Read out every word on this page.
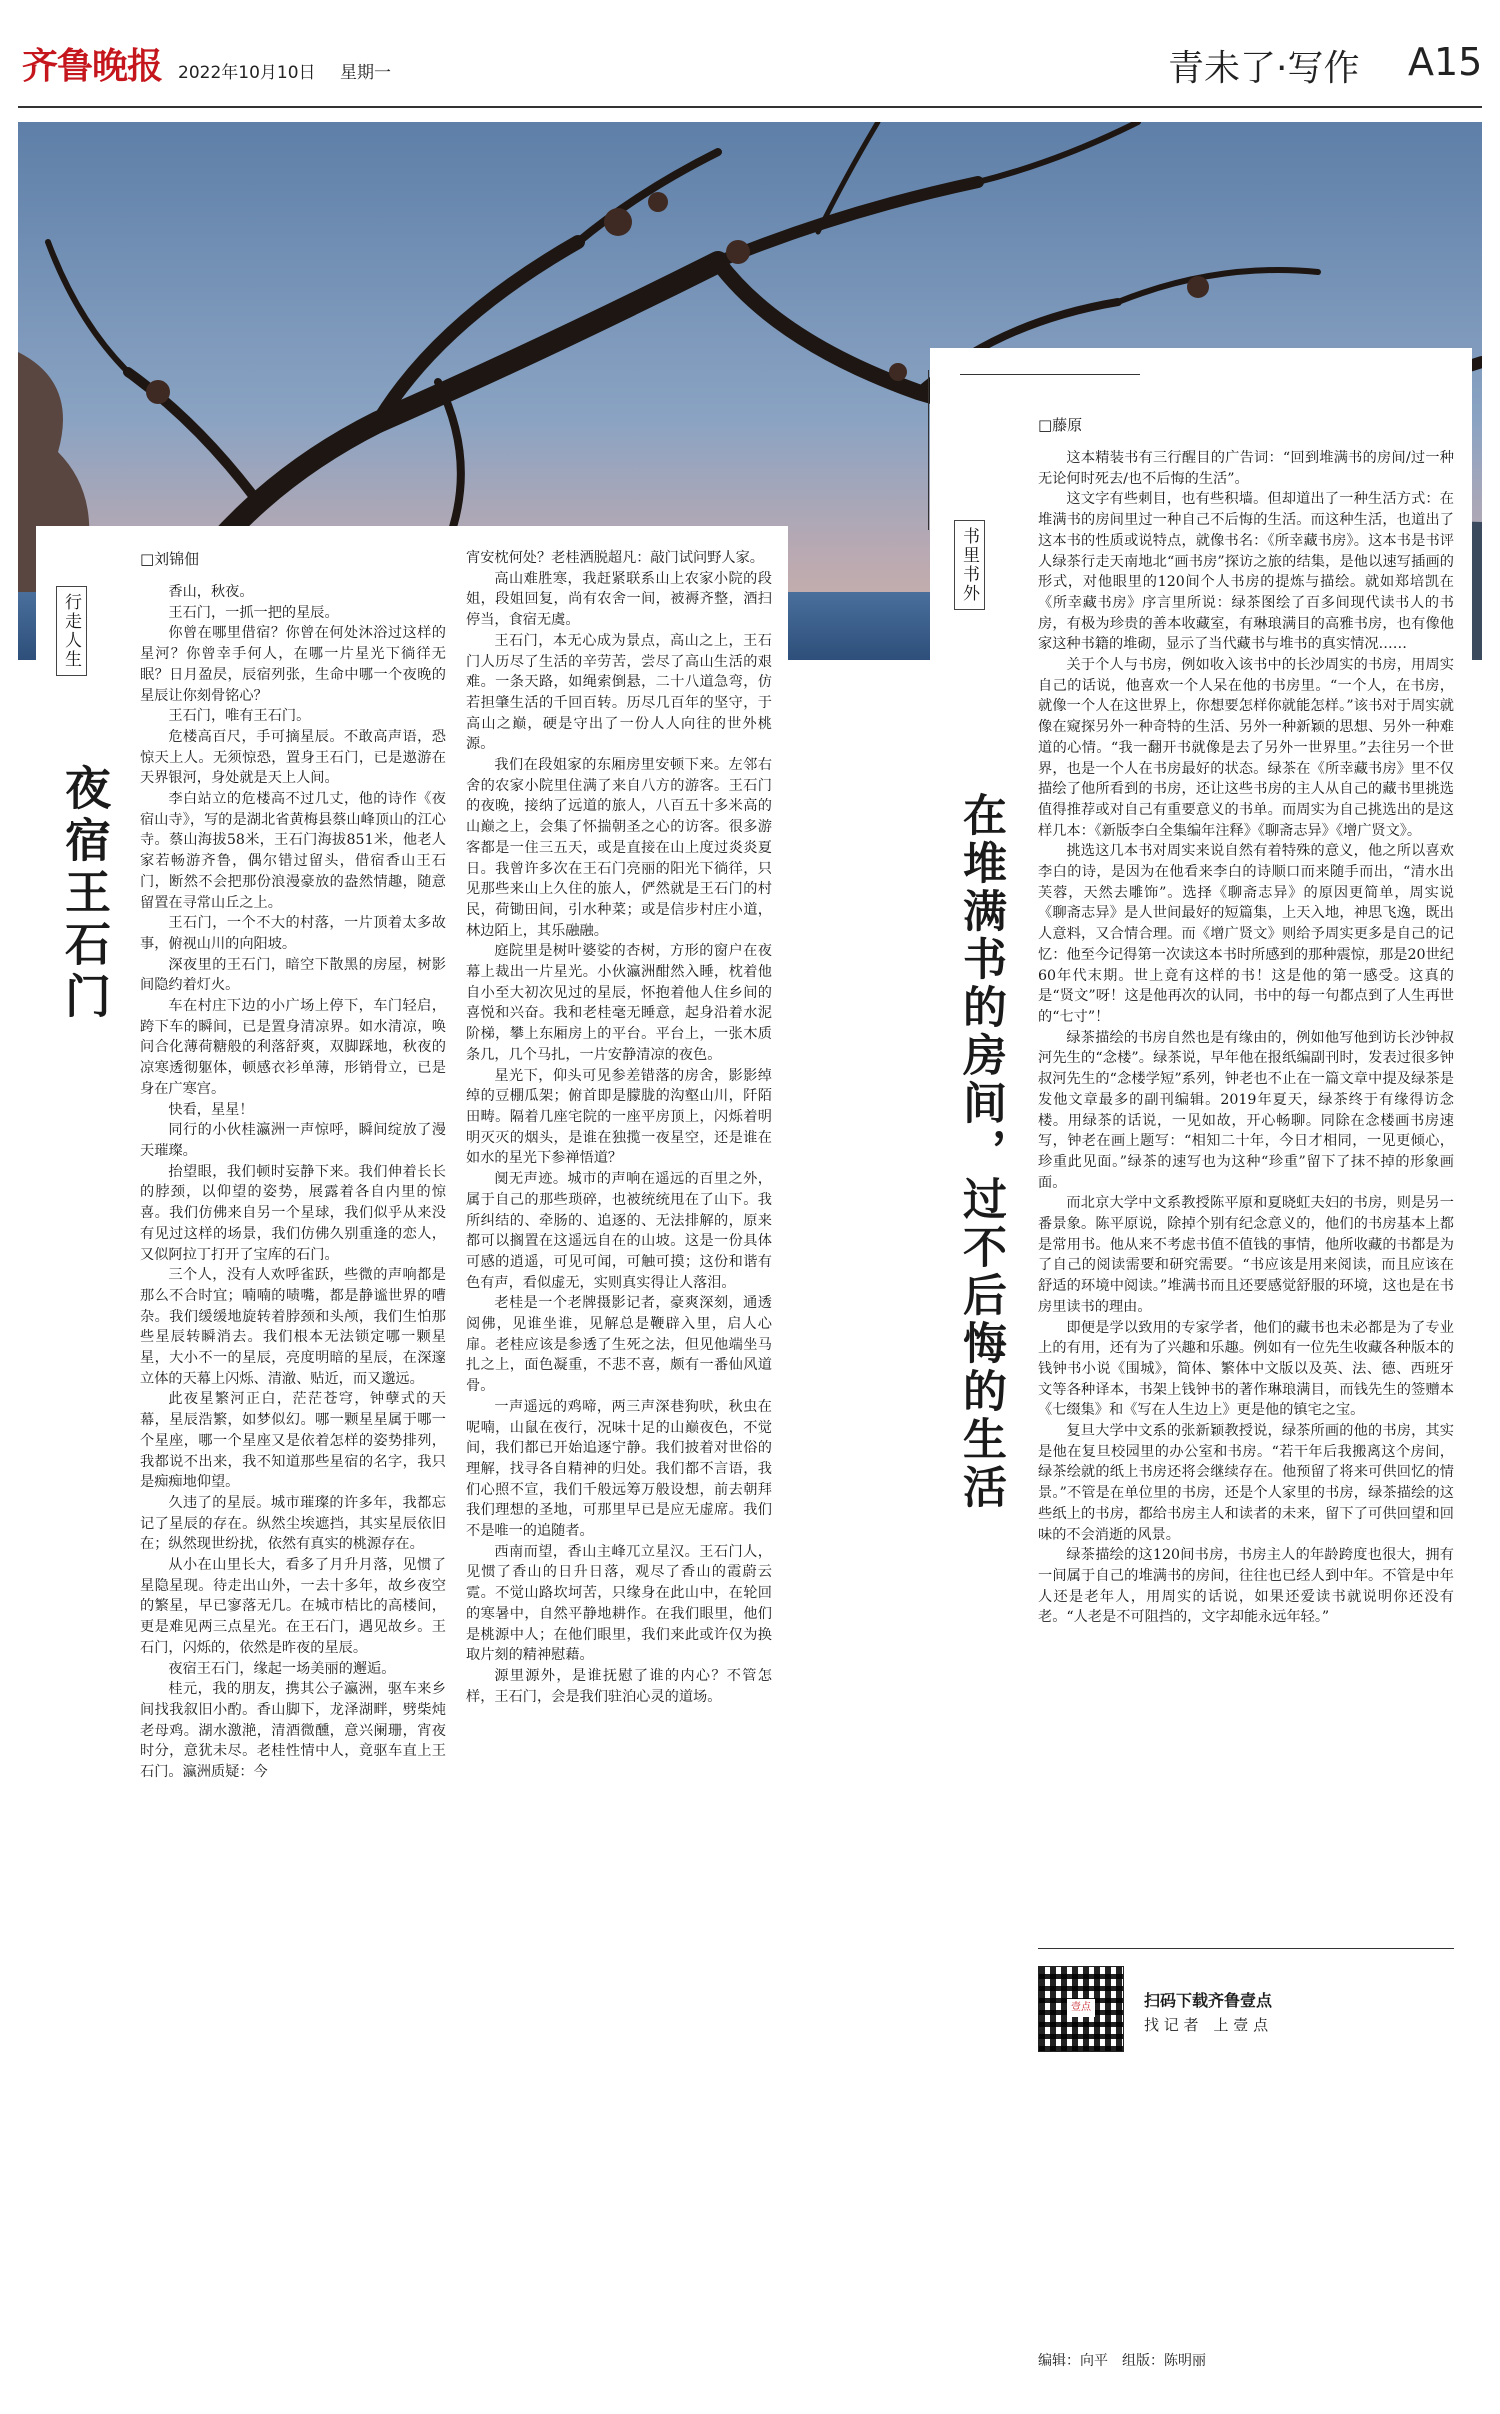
齐鲁晚报 2022年10月10日 星期一	青未了·写作 A15
行走人生
夜宿王石门
□刘锦佃

香山，秋夜。

王石门，一抓一把的星辰。

你曾在哪里借宿？你曾在何处沐浴过这样的星河？你曾幸手何人，在哪一片星光下徜徉无眠？日月盈昃，辰宿列张，生命中哪一个夜晚的星辰让你刻骨铭心？

王石门，唯有王石门。

危楼高百尺，手可摘星辰。不敢高声语，恐惊天上人。无须惊恐，置身王石门，已是遨游在天界银河，身处就是天上人间。

李白站立的危楼高不过几丈，他的诗作《夜宿山寺》，写的是湖北省黄梅县蔡山峰顶山的江心寺。蔡山海拔58米，王石门海拔851米，他老人家若畅游齐鲁，偶尔错过留头，借宿香山王石门，断然不会把那份浪漫豪放的盎然情趣，随意留置在寻常山丘之上。

王石门，一个不大的村落，一片顶着太多故事，俯视山川的向阳坡。

深夜里的王石门，暗空下散黑的房屋，树影间隐约着灯火。

车在村庄下边的小广场上停下，车门轻启，跨下车的瞬间，已是置身清凉界。如水清凉，唤问合化薄荷糖般的利落舒爽，双脚踩地，秋夜的凉寒透彻躯体，顿感衣衫单薄，形销骨立，已是身在广寒宫。

快看，星星！

同行的小伙桂瀛洲一声惊呼，瞬间绽放了漫天璀璨。

抬望眼，我们顿时妄静下来。我们伸着长长的脖颈，以仰望的姿势，展露着各自内里的惊喜。我们仿佛来自另一个星球，我们似乎从来没有见过这样的场景，我们仿佛久别重逢的恋人，又似阿拉丁打开了宝库的石门。

三个人，没有人欢呼雀跃，些微的声响都是那么不合时宜；喃喃的啧嘴，都是静谧世界的嘈杂。我们缓缓地旋转着脖颈和头颅，我们生怕那些星辰转瞬消去。我们根本无法锁定哪一颗星星，大小不一的星辰，亮度明暗的星辰，在深邃立体的天幕上闪烁、清澈、贴近，而又邈远。

此夜星繁河正白，茫茫苍穹，钟孽式的天幕，星辰浩繁，如梦似幻。哪一颗星星属于哪一个星座，哪一个星座又是依着怎样的姿势排列，我都说不出来，我不知道那些星宿的名字，我只是痴痴地仰望。

久违了的星辰。城市璀璨的许多年，我都忘记了星辰的存在。纵然尘埃遮挡，其实星辰依旧在；纵然现世纷扰，依然有真实的桃源存在。

从小在山里长大，看多了月升月落，见惯了星隐星现。待走出山外，一去十多年，故乡夜空的繁星，早已寥落无几。在城市桔比的高楼间，更是难见两三点星光。在王石门，遇见故乡。王石门，闪烁的，依然是昨夜的星辰。

夜宿王石门，缘起一场美丽的邂逅。

桂元，我的朋友，携其公子瀛洲，驱车来乡间找我叙旧小酌。香山脚下，龙泽湖畔，劈柴炖老母鸡。湖水激滟，清酒微醺，意兴阑珊，宵夜时分，意犹未尽。老桂性情中人，竟驱车直上王石门。瀛洲质疑：今

宵安枕何处？老桂洒脱超凡：敲门试问野人家。

高山难胜寒，我赶紧联系山上农家小院的段姐，段姐回复，尚有农舍一间，被褥齐整，酒扫停当，食宿无虞。

王石门，本无心成为景点，高山之上，王石门人历尽了生活的辛劳苦，尝尽了高山生活的艰难。一条天路，如绳索倒悬，二十八道急弯，仿若担肇生活的千回百转。历尽几百年的坚守，于高山之巅，硬是守出了一份人人向往的世外桃源。

我们在段姐家的东厢房里安顿下来。左邻右舍的农家小院里住满了来自八方的游客。王石门的夜晚，接纳了远道的旅人，八百五十多米高的山巅之上，会集了怀揣朝圣之心的访客。很多游客都是一住三五天，或是直接在山上度过炎炎夏日。我曾许多次在王石门亮丽的阳光下徜徉，只见那些来山上久住的旅人，俨然就是王石门的村民，荷锄田间，引水种菜；或是信步村庄小道，林边陌上，其乐融融。

庭院里是树叶婆娑的杏树，方形的窗户在夜幕上裁出一片星光。小伙瀛洲酣然入睡，枕着他自小至大初次见过的星辰，怀抱着他人住乡间的喜悦和兴奋。我和老桂毫无睡意，起身沿着水泥阶梯，攀上东厢房上的平台。平台上，一张木质条几，几个马扎，一片安静清凉的夜色。

星光下，仰头可见参差错落的房舍，影影绰绰的豆棚瓜架；俯首即是朦胧的沟壑山川，阡陌田畴。隔着几座宅院的一座平房顶上，闪烁着明明灭灭的烟头，是谁在独揽一夜星空，还是谁在如水的星光下参禅悟道？

阒无声迹。城市的声响在遥远的百里之外，属于自己的那些琐碎，也被统统甩在了山下。我所纠结的、牵肠的、追逐的、无法排解的，原来都可以搁置在这遥远自在的山坡。这是一份具体可感的逍遥，可见可闻，可触可摸；这份和谐有色有声，看似虚无，实则真实得让人落泪。

老桂是一个老牌摄影记者，豪爽深刻，通透阅佛，见谁坐谁，见解总是鞭辟入里，启人心扉。老桂应该是参透了生死之法，但见他端坐马扎之上，面色凝重，不悲不喜，颇有一番仙风道骨。

一声遥远的鸡啼，两三声深巷狗吠，秋虫在呢喃，山鼠在夜行，况味十足的山巅夜色，不觉间，我们都已开始追逐宁静。我们披着对世俗的理解，找寻各自精神的归处。我们都不言语，我们心照不宣，我们千般远筹万般设想，前去朝拜我们理想的圣地，可那里早已是应无虚席。我们不是唯一的追随者。

西南而望，香山主峰兀立星汉。王石门人，见惯了香山的日升日落，观尽了香山的霞蔚云霓。不觉山路坎坷苦，只缘身在此山中，在轮回的寒暑中，自然平静地耕作。在我们眼里，他们是桃源中人；在他们眼里，我们来此或许仅为换取片刻的精神慰藉。

源里源外，是谁抚慰了谁的内心？不管怎样，王石门，会是我们驻泊心灵的道场。

□藤原

这本精装书有三行醒目的广告词：“回到堆满书的房间/过一种无论何时死去/也不后悔的生活”。

这文字有些刺目，也有些积墙。但却道出了一种生活方式：在堆满书的房间里过一种自己不后悔的生活。而这种生活，也道出了这本书的性质或说特点，就像书名：《所幸藏书房》。这本书是书评人绿茶行走天南地北“画书房”探访之旅的结集，是他以速写插画的形式，对他眼里的120间个人书房的提炼与描绘。就如郑培凯在《所幸藏书房》序言里所说：绿茶图绘了百多间现代读书人的书房，有极为珍贵的善本收藏室，有琳琅满目的高雅书房，也有像他家这种书籍的堆砌，显示了当代藏书与堆书的真实情况……

关于个人与书房，例如收入该书中的长沙周实的书房，用周实自己的话说，他喜欢一个人呆在他的书房里。“一个人，在书房，就像一个人在这世界上，你想要怎样你就能怎样。”该书对于周实就像在窥探另外一种奇特的生活、另外一种新颖的思想、另外一种难道的心情。“我一翻开书就像是去了另外一世界里。”去往另一个世界，也是一个人在书房最好的状态。绿茶在《所幸藏书房》里不仅描绘了他所看到的书房，还让这些书房的主人从自己的藏书里挑选值得推荐或对自己有重要意义的书单。而周实为自己挑选出的是这样几本：《新版李白全集编年注释》《聊斋志异》《增广贤文》。

挑选这几本书对周实来说自然有着特殊的意义，他之所以喜欢李白的诗，是因为在他看来李白的诗顺口而来随手而出，“清水出芙蓉，天然去雕饰”。选择《聊斋志异》的原因更简单，周实说《聊斋志异》是人世间最好的短篇集，上天入地，神思飞逸，既出人意料，又合情合理。而《增广贤文》则给予周实更多是自己的记忆：他至今记得第一次读这本书时所感到的那种震惊，那是20世纪60年代末期。世上竟有这样的书！这是他的第一感受。这真的是“贤文”呀！这是他再次的认同，书中的每一句都点到了人生再世的“七寸”！

绿茶描绘的书房自然也是有缘由的，例如他写他到访长沙钟叔河先生的“念楼”。绿茶说，早年他在报纸编副刊时，发表过很多钟叔河先生的“念楼学短”系列，钟老也不止在一篇文章中提及绿茶是发他文章最多的副刊编辑。2019年夏天，绿茶终于有缘得访念楼。用绿茶的话说，一见如故，开心畅聊。同除在念楼画书房速写，钟老在画上题写：“相知二十年，今日才相同，一见更倾心，珍重此见面。”绿茶的速写也为这种“珍重”留下了抹不掉的形象画面。

而北京大学中文系教授陈平原和夏晓虹夫妇的书房，则是另一番景象。陈平原说，除掉个别有纪念意义的，他们的书房基本上都是常用书。他从来不考虑书值不值钱的事情，他所收藏的书都是为了自己的阅读需要和研究需要。“书应该是用来阅读，而且应该在舒适的环境中阅读。”堆满书而且还要感觉舒服的环境，这也是在书房里读书的理由。

即便是学以致用的专家学者，他们的藏书也未必都是为了专业上的有用，还有为了兴趣和乐趣。例如有一位先生收藏各种版本的钱钟书小说《围城》，简体、繁体中文版以及英、法、德、西班牙文等各种译本，书架上钱钟书的著作琳琅满目，而钱先生的签赠本《七缀集》和《写在人生边上》更是他的镇宅之宝。

复旦大学中文系的张新颖教授说，绿茶所画的他的书房，其实是他在复旦校园里的办公室和书房。“若干年后我搬离这个房间，绿茶绘就的纸上书房还将会继续存在。他预留了将来可供回忆的情景。”不管是在单位里的书房，还是个人家里的书房，绿茶描绘的这些纸上的书房，都给书房主人和读者的未来，留下了可供回望和回味的不会消逝的风景。

绿茶描绘的这120间书房，书房主人的年龄跨度也很大，拥有一间属于自己的堆满书的房间，往往也已经人到中年。不管是中年人还是老年人，用周实的话说，如果还爱读书就说明你还没有老。“人老是不可阻挡的，文字却能永远年轻。”

壹点	扫码下载齐鲁壹点
找 记 者　上 壹 点
书里书外
在堆满书的房间，过不后悔的生活
编辑：向平　组版：陈明丽
